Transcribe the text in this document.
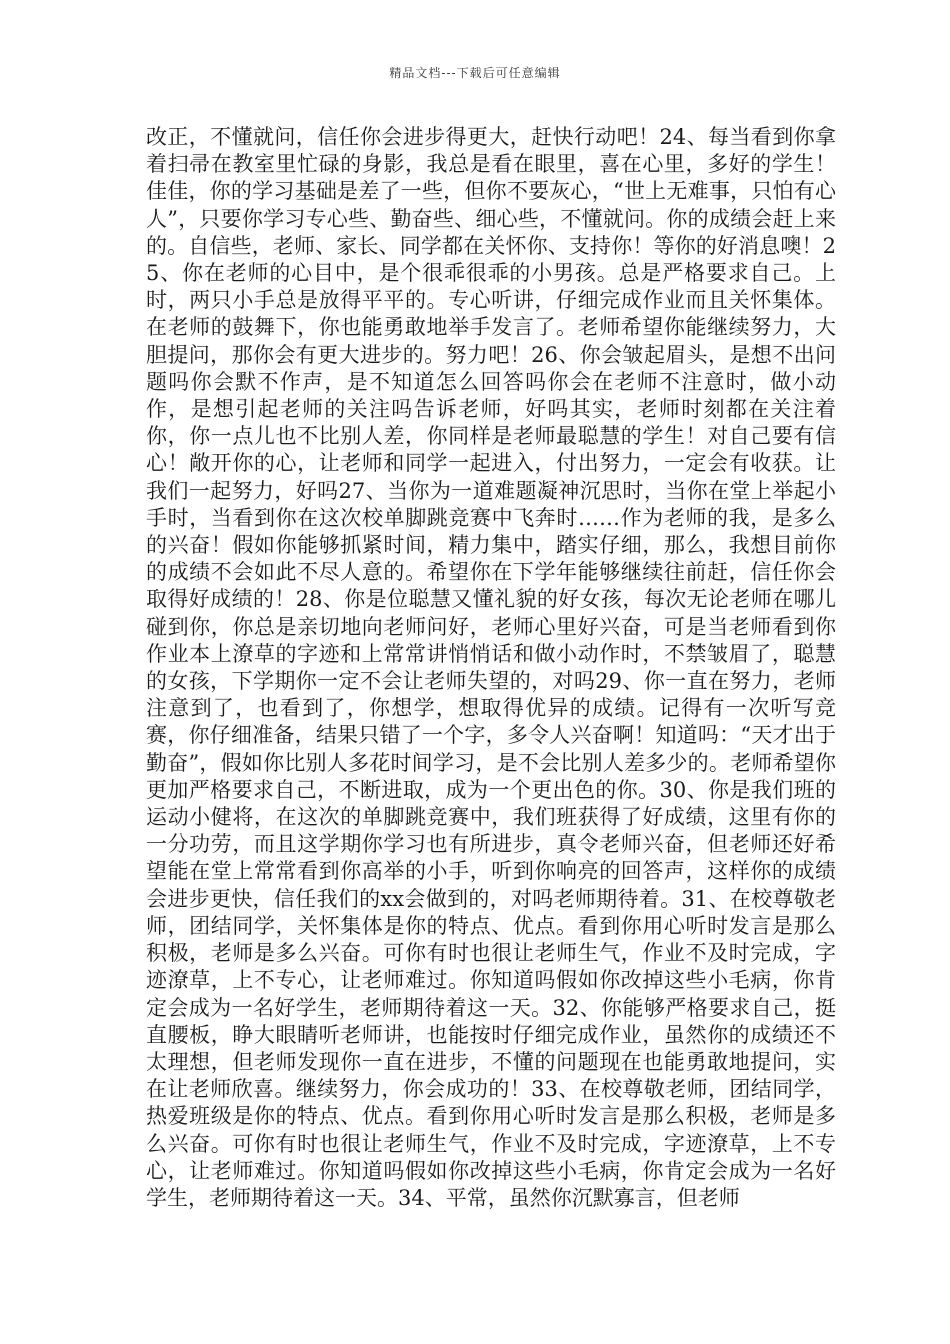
精品文档---下载后可任意编辑

改正，不懂就问，信任你会进步得更大，赶快行动吧！24、每当看到你拿着扫帚在教室里忙碌的身影，我总是看在眼里，喜在心里，多好的学生！佳佳，你的学习基础是差了一些，但你不要灰心，“世上无难事，只怕有心人”，只要你学习专心些、勤奋些、细心些，不懂就问。你的成绩会赶上来的。自信些，老师、家长、同学都在关怀你、支持你！等你的好消息噢！25、你在老师的心目中，是个很乖很乖的小男孩。总是严格要求自己。上时，两只小手总是放得平平的。专心听讲，仔细完成作业而且关怀集体。在老师的鼓舞下，你也能勇敢地举手发言了。老师希望你能继续努力，大胆提问，那你会有更大进步的。努力吧！26、你会皱起眉头，是想不出问题吗你会默不作声，是不知道怎么回答吗你会在老师不注意时，做小动作，是想引起老师的关注吗告诉老师，好吗其实，老师时刻都在关注着你，你一点儿也不比别人差，你同样是老师最聪慧的学生！对自己要有信心！敞开你的心，让老师和同学一起进入，付出努力，一定会有收获。让我们一起努力，好吗27、当你为一道难题凝神沉思时，当你在堂上举起小手时，当看到你在这次校单脚跳竞赛中飞奔时……作为老师的我，是多么的兴奋！假如你能够抓紧时间，精力集中，踏实仔细，那么，我想目前你的成绩不会如此不尽人意的。希望你在下学年能够继续往前赶，信任你会取得好成绩的！28、你是位聪慧又懂礼貌的好女孩，每次无论老师在哪儿碰到你，你总是亲切地向老师问好，老师心里好兴奋，可是当老师看到你作业本上潦草的字迹和上常常讲悄悄话和做小动作时，不禁皱眉了，聪慧的女孩，下学期你一定不会让老师失望的，对吗29、你一直在努力，老师注意到了，也看到了，你想学，想取得优异的成绩。记得有一次听写竞赛，你仔细准备，结果只错了一个字，多令人兴奋啊！知道吗：“天才出于勤奋”，假如你比别人多花时间学习，是不会比别人差多少的。老师希望你更加严格要求自己，不断进取，成为一个更出色的你。30、你是我们班的运动小健将，在这次的单脚跳竞赛中，我们班获得了好成绩，这里有你的一分功劳，而且这学期你学习也有所进步，真令老师兴奋，但老师还好希望能在堂上常常看到你高举的小手，听到你响亮的回答声，这样你的成绩会进步更快，信任我们的xx会做到的，对吗老师期待着。31、在校尊敬老师，团结同学，关怀集体是你的特点、优点。看到你用心听时发言是那么积极，老师是多么兴奋。可你有时也很让老师生气，作业不及时完成，字迹潦草，上不专心，让老师难过。你知道吗假如你改掉这些小毛病，你肯定会成为一名好学生，老师期待着这一天。32、你能够严格要求自己，挺直腰板，睁大眼睛听老师讲，也能按时仔细完成作业，虽然你的成绩还不太理想，但老师发现你一直在进步，不懂的问题现在也能勇敢地提问，实在让老师欣喜。继续努力，你会成功的！33、在校尊敬老师，团结同学，热爱班级是你的特点、优点。看到你用心听时发言是那么积极，老师是多么兴奋。可你有时也很让老师生气，作业不及时完成，字迹潦草，上不专心，让老师难过。你知道吗假如你改掉这些小毛病，你肯定会成为一名好学生，老师期待着这一天。34、平常，虽然你沉默寡言，但老师
